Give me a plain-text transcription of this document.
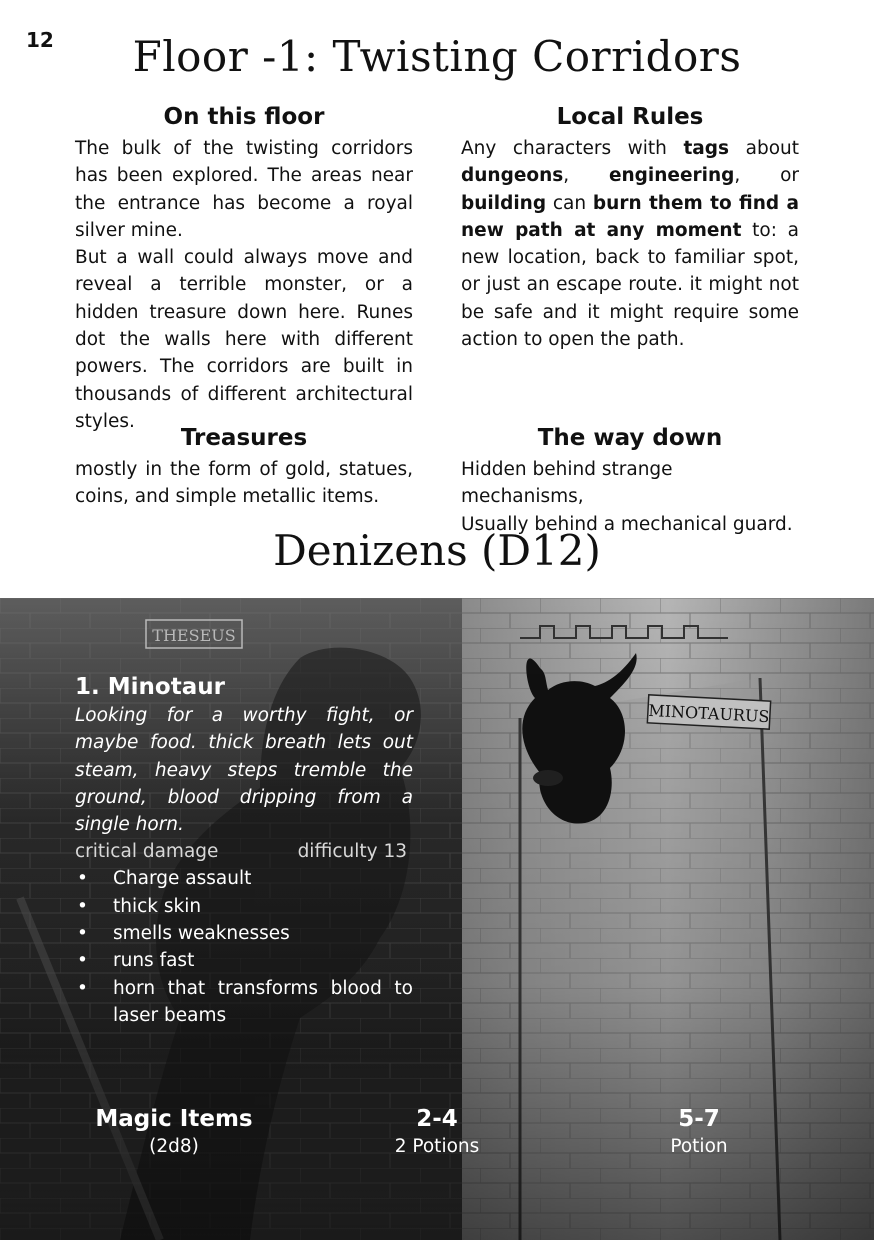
12	Floor -1: Twisting Corridors
On this floor

The bulk of the twisting corridors has been explored. The areas near the entrance has become a royal silver mine.

But a wall could always move and reveal a terrible monster, or a hidden treasure down here. Runes dot the walls here with different powers. The corridors are built in thousands of different architectural styles.

Local Rules
Any characters with tags about dungeons, engineering, or building can burn them to find a new path at any moment to: a new location, back to familiar spot, or just an escape route. it might not be safe and it might require some action to open the path.
Treasures
mostly in the form of gold, statues, coins, and simple metallic items.
The way down
Hidden behind strange mechanisms,
Usually behind a mechanical guard.
Denizens (D12)
1. Minotaur
Looking for a worthy fight, or maybe food. thick breath lets out steam, heavy steps tremble the ground, blood dripping from a single horn.
critical damage	difficulty 13
• Charge assault
• thick skin
• smells weaknesses
• runs fast
• horn that transforms blood to laser beams
Magic Items
(2d8)
2-4
2 Potions
5-7
Potion
